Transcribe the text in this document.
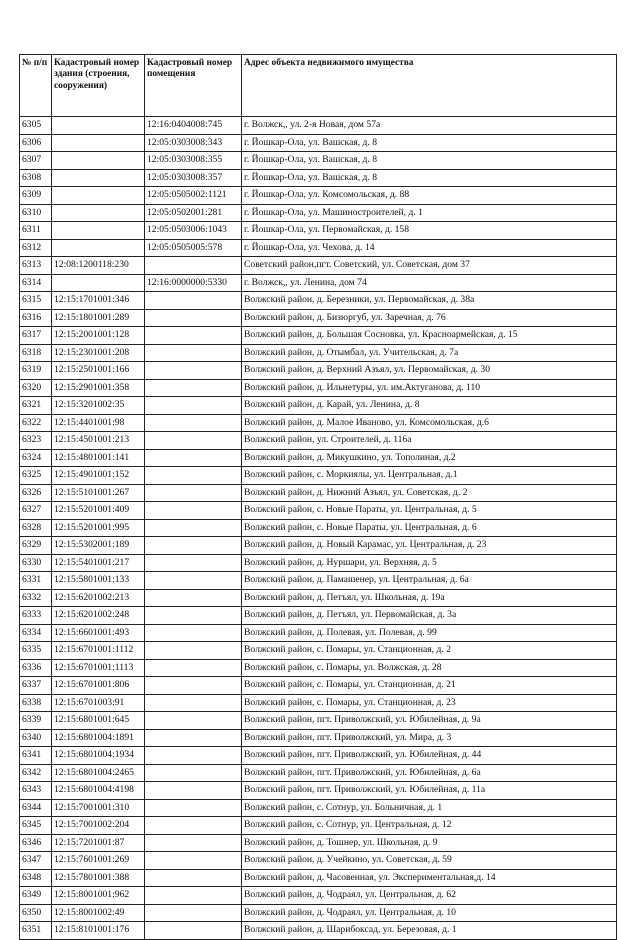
№ п/п	Кадастровый номер здания (строения, сооружения)	Кадастровый номер помещения	Адрес объекта недвижимого имущества
6305		12:16:0404008:745	г. Волжск,, ул. 2-я Новая, дом 57а
6306		12:05:0303008:343	г. Йошкар-Ола, ул. Вашская, д. 8
6307		12:05:0303008:355	г. Йошкар-Ола, ул. Вашская, д. 8
6308		12:05:0303008:357	г. Йошкар-Ола, ул. Вашская, д. 8
6309		12:05:0505002:1121	г. Йошкар-Ола, ул. Комсомольская, д. 88
6310		12:05:0502001:281	г. Йошкар-Ола, ул. Машиностроителей, д. 1
6311		12:05:0503006:1043	г. Йошкар-Ола, ул. Первомайская, д. 158
6312		12:05:0505005:578	г. Йошкар-Ола, ул. Чехова, д. 14
6313	12:08:1200118:230		Советский район,пгт. Советский, ул. Советская, дом 37
6314		12:16:0000000:5330	г. Волжск,, ул. Ленина, дом 74
6315	12:15:1701001:346		Волжский район, д. Березники, ул. Первомайская, д. 38а
6316	12:15:1801001:289		Волжский район, д. Бизюргуб, ул. Заречная, д. 76
6317	12:15:2001001:128		Волжский район, д. Большая Сосновка, ул. Красноармейская, д. 15
6318	12:15:2301001:208		Волжский район, д. Отымбал, ул. Учительская, д. 7а
6319	12:15:2501001:166		Волжский район, д. Верхний Азъял, ул. Первомайская, д. 30
6320	12:15:2901001:358		Волжский район, д. Ильнетуры, ул. им.Актуганова, д. 110
6321	12:15:3201002:35		Волжский район, д. Карай, ул. Ленина, д. 8
6322	12:15:4401001:98		Волжский район, д. Малое Иваново, ул. Комсомольская, д.6
6323	12:15:4501001:213		Волжский район, ул. Строителей, д. 116а
6324	12:15:4801001:141		Волжский район, д. Микушкино, ул. Тополиная, д.2
6325	12:15:4901001:152		Волжский район, с. Моркиялы, ул. Центральная, д.1
6326	12:15:5101001:267		Волжский район, д. Нижний Азъял, ул. Советская, д. 2
6327	12:15:5201001:409		Волжский район, с. Новые Параты, ул. Центральная, д. 5
6328	12:15:5201001:995		Волжский район, с. Новые Параты, ул. Центральная, д. 6
6329	12:15:5302001:189		Волжский район, д. Новый Карамас, ул. Центральная, д. 23
6330	12:15:5401001:217		Волжский район, д. Нуршари, ул. Верхняя, д. 5
6331	12:15:5801001:133		Волжский район, д. Памашенер, ул. Центральная, д. 6а
6332	12:15:6201002:213		Волжский район, д. Петъял, ул. Школьная, д. 19а
6333	12:15:6201002:248		Волжский район, д. Петъял, ул. Первомайская, д. 3а
6334	12:15:6601001:493		Волжский район, д. Полевая, ул. Полевая, д. 99
6335	12:15:6701001:1112		Волжский район, с. Помары, ул. Станционная, д. 2
6336	12:15:6701001:1113		Волжский район, с. Помары, ул. Волжская, д. 28
6337	12:15:6701001:806		Волжский район, с. Помары, ул. Станционная, д. 21
6338	12:15:6701003:91		Волжский район, с. Помары, ул. Станционная, д. 23
6339	12:15:6801001:645		Волжский район, пгт. Приволжский, ул. Юбилейная, д. 9а
6340	12:15:6801004:1891		Волжский район, пгт. Приволжский, ул. Мира, д. 3
6341	12:15:6801004:1934		Волжский район, пгт. Приволжский, ул. Юбилейная, д. 44
6342	12:15:6801004:2465		Волжский район, пгт. Приволжский, ул. Юбилейная, д. 6а
6343	12:15:6801004:4198		Волжский район, пгт. Приволжский, ул. Юбилейная, д. 11а
6344	12:15:7001001:310		Волжский район, с. Сотнур, ул. Больничная, д. 1
6345	12:15:7001002:204		Волжский район, с. Сотнур, ул. Центральная, д. 12
6346	12:15:7201001:87		Волжский район, д. Тошнер, ул. Школьная, д. 9
6347	12:15:7601001:269		Волжский район, д. Учейкино, ул. Советская, д. 59
6348	12:15:7801001:388		Волжский район, д. Часовенная, ул. Экспериментальная,д. 14
6349	12:15:8001001:962		Волжский район, д. Чодраял, ул. Центральная, д. 62
6350	12:15:8001002:49		Волжский район, д. Чодраял, ул. Центральная, д. 10
6351	12:15:8101001:176		Волжский район, д. Шарибоксад, ул. Березовая, д. 1
